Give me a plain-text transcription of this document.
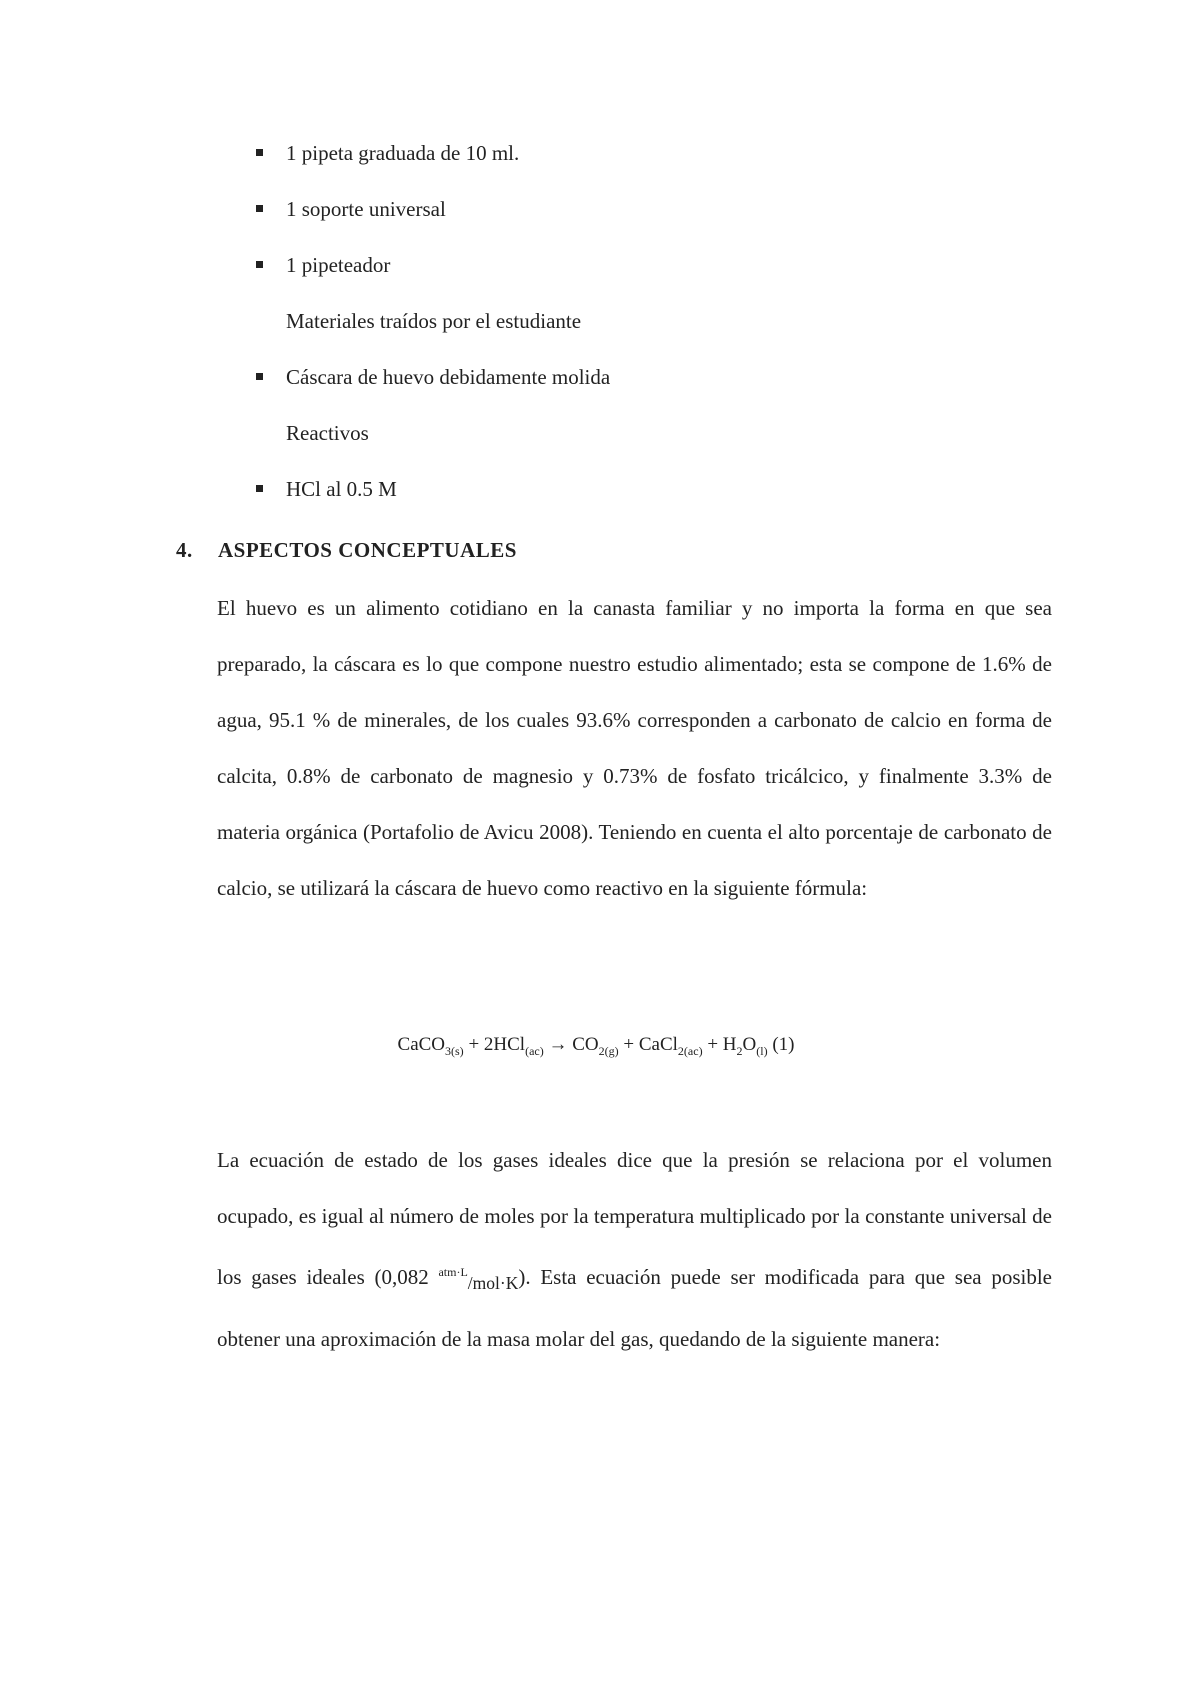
1 pipeta graduada de 10 ml.
1 soporte universal
1 pipeteador
Materiales traídos por el estudiante
Cáscara de huevo debidamente molida
Reactivos
HCl al 0.5 M
4. ASPECTOS CONCEPTUALES

El huevo es un alimento cotidiano en la canasta familiar y no importa la forma en que sea preparado, la cáscara es lo que compone nuestro estudio alimentado; esta se compone de 1.6% de agua, 95.1 % de minerales, de los cuales 93.6% corresponden a carbonato de calcio en forma de calcita, 0.8% de carbonato de magnesio y 0.73% de fosfato tricálcico, y finalmente 3.3% de materia orgánica (Portafolio de Avicu 2008). Teniendo en cuenta el alto porcentaje de carbonato de calcio, se utilizará la cáscara de huevo como reactivo en la siguiente fórmula:

CaCO$_{3(s)}$ + $2HCl_{(ac)} \to CO_{2(g)}$ + CaCl$_{2(ac)}$ + $H_2O_{(l)}$ (1)

La ecuación de estado de los gases ideales dice que la presión se relaciona por el volumen ocupado, es igual al número de moles por la temperatura multiplicado por la constante universal de los gases ideales (0,082 $^{atm\cdot L}_{/mol\cdot K}$). Esta ecuación puede ser modificada para que sea posible obtener una aproximación de la masa molar del gas, quedando de la siguiente manera:
